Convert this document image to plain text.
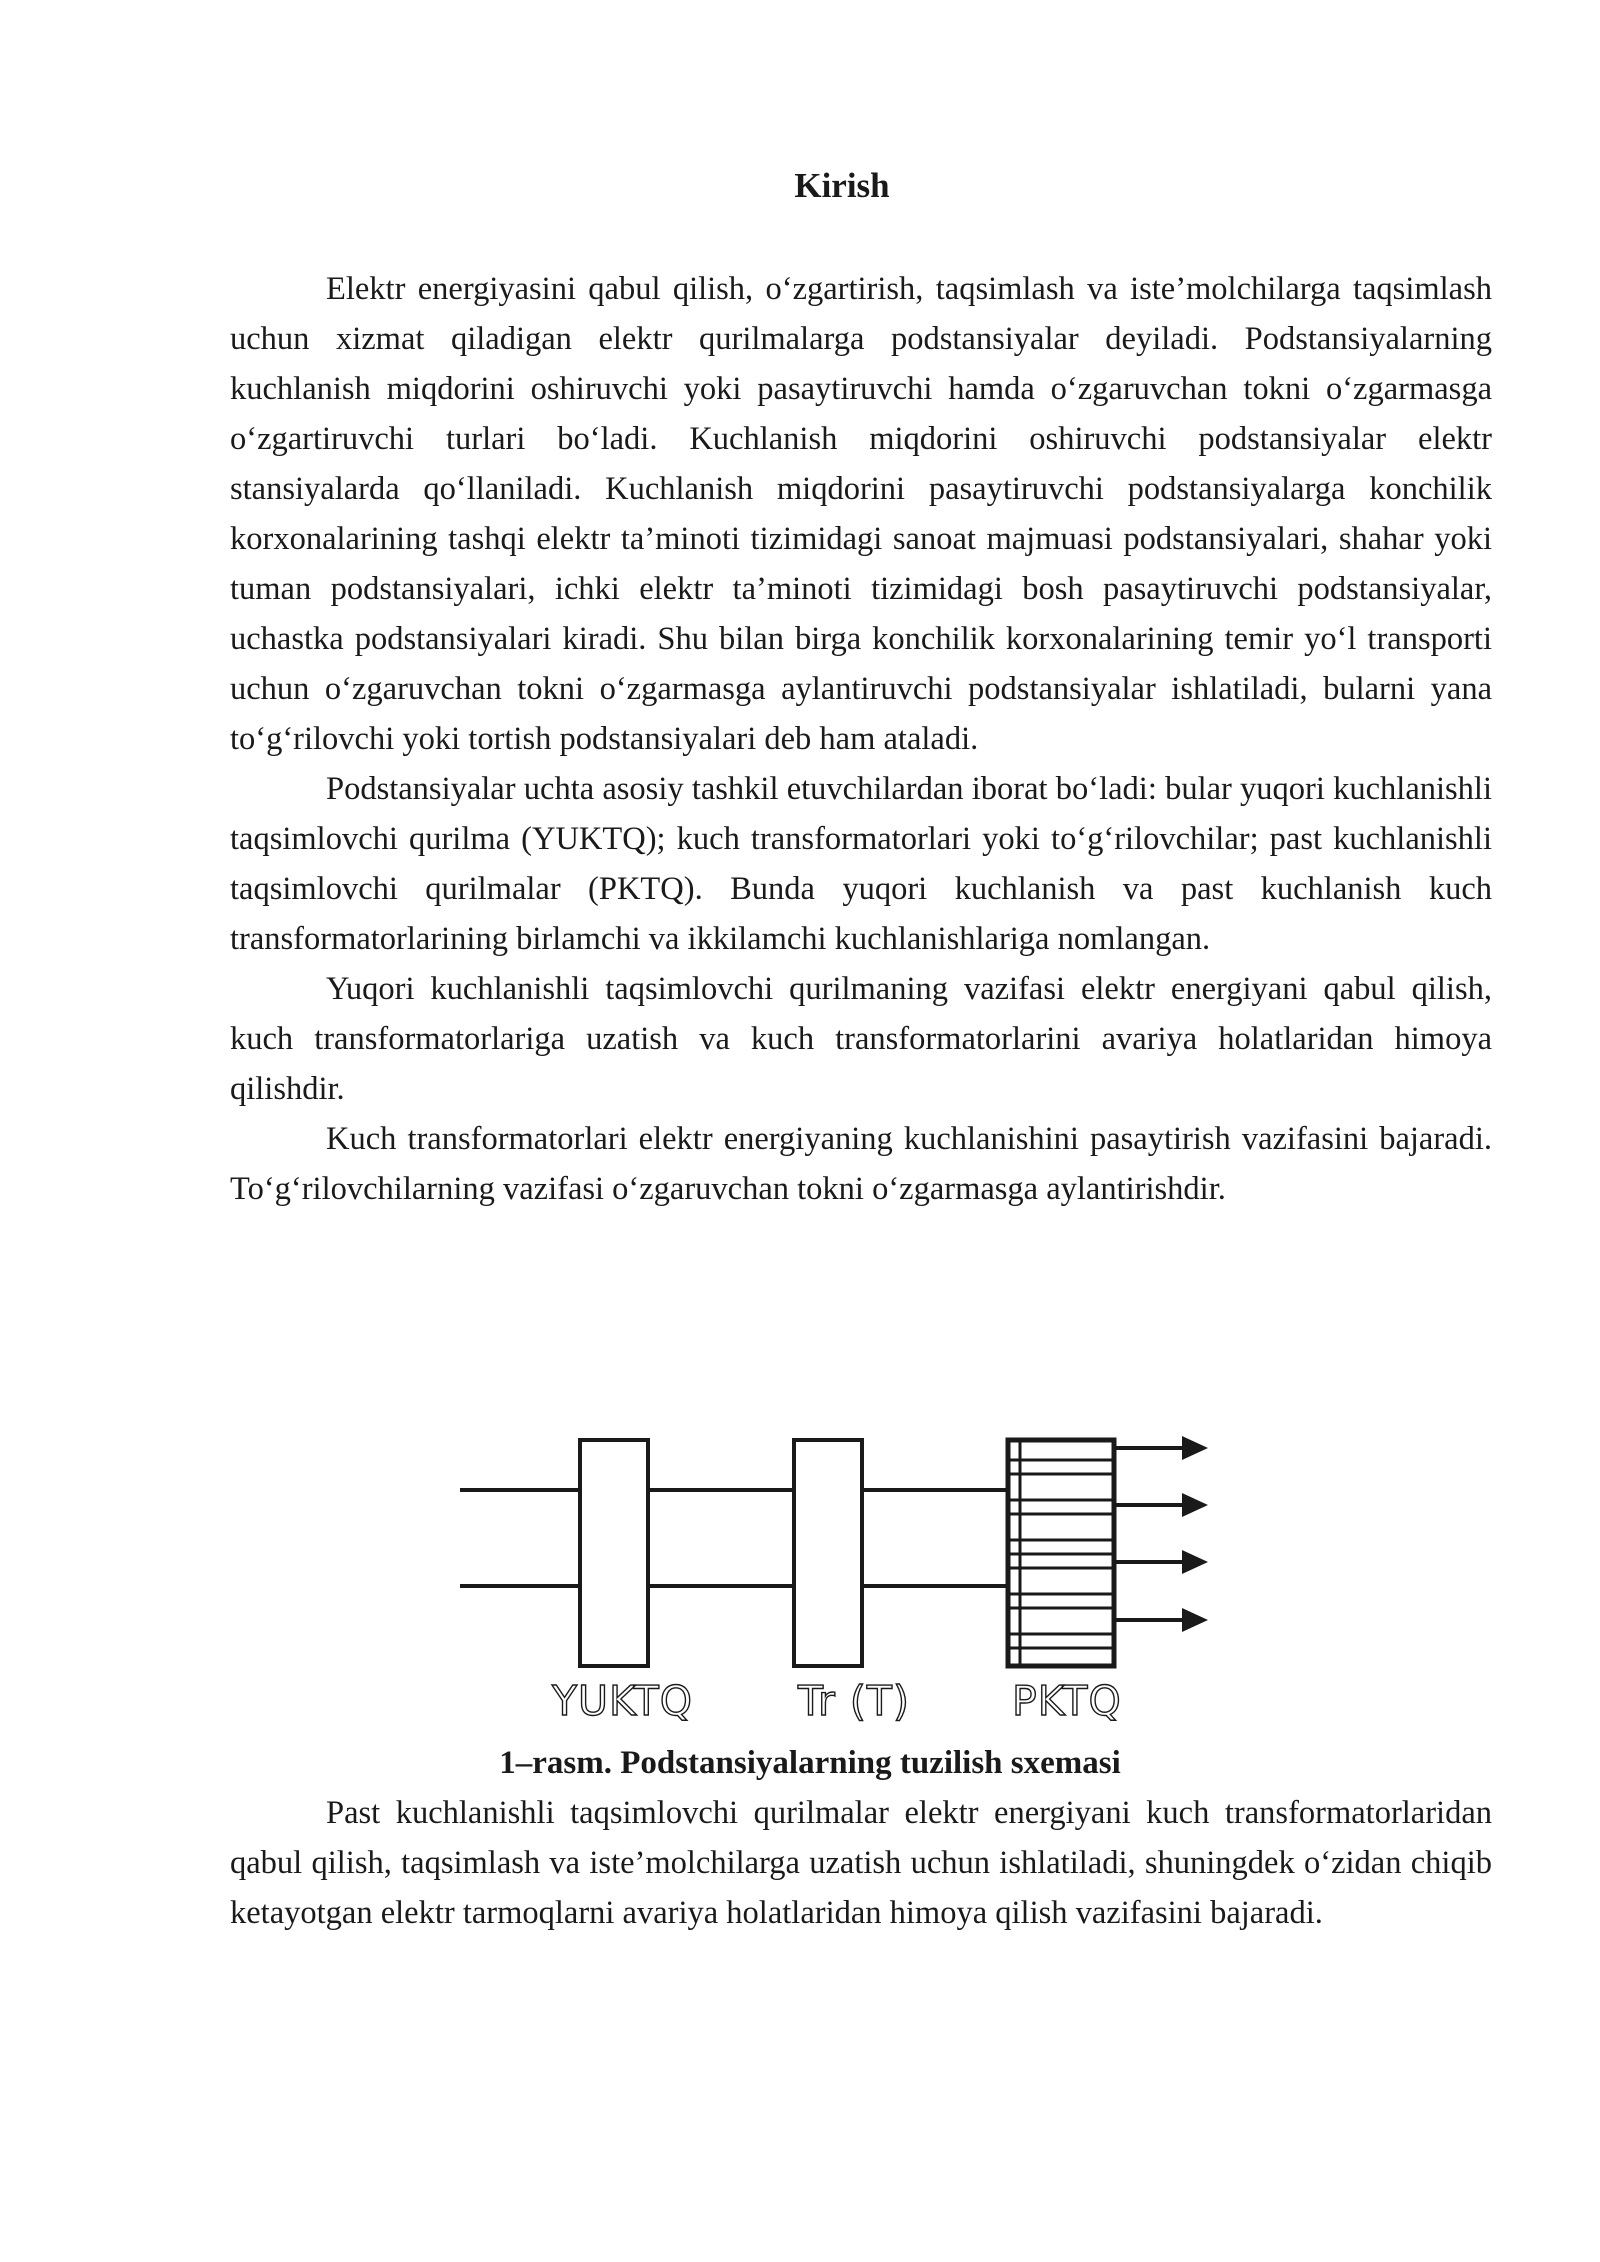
Kirish

Elektr energiyasini qabul qilish, o‘zgartirish, taqsimlash va iste’molchilarga taqsimlash uchun xizmat qiladigan elektr qurilmalarga podstansiyalar deyiladi. Podstansiyalarning kuchlanish miqdorini oshiruvchi yoki pasaytiruvchi hamda o‘zgaruvchan tokni o‘zgarmasga o‘zgartiruvchi turlari bo‘ladi. Kuchlanish miqdorini oshiruvchi podstansiyalar elektr stansiyalarda qo‘llaniladi. Kuchlanish miqdorini pasaytiruvchi podstansiyalarga konchilik korxonalarining tashqi elektr ta’minoti tizimidagi sanoat majmuasi podstansiyalari, shahar yoki tuman podstansiyalari, ichki elektr ta’minoti tizimidagi bosh pasaytiruvchi podstansiyalar, uchastka podstansiyalari kiradi. Shu bilan birga konchilik korxonalarining temir yo‘l transporti uchun o‘zgaruvchan tokni o‘zgarmasga aylantiruvchi podstansiyalar ishlatiladi, bularni yana to‘g‘rilovchi yoki tortish podstansiyalari deb ham ataladi.

Podstansiyalar uchta asosiy tashkil etuvchilardan iborat bo‘ladi: bular yuqori kuchlanishli taqsimlovchi qurilma (YUKTQ); kuch transformatorlari yoki to‘g‘rilovchilar; past kuchlanishli taqsimlovchi qurilmalar (PKTQ). Bunda yuqori kuchlanish va past kuchlanish kuch transformatorlarining birlamchi va ikkilamchi kuchlanishlariga nomlangan.

Yuqori kuchlanishli taqsimlovchi qurilmaning vazifasi elektr energiyani qabul qilish, kuch transformatorlariga uzatish va kuch transformatorlarini avariya holatlaridan himoya qilishdir.

Kuch transformatorlari elektr energiyaning kuchlanishini pasaytirish vazifasini bajaradi. To‘g‘rilovchilarning vazifasi o‘zgaruvchan tokni o‘zgarmasga aylantirishdir.

YUKTQ	Tr (T) PKTQ

1–rasm. Podstansiyalarning tuzilish sxemasi

Past kuchlanishli taqsimlovchi qurilmalar elektr energiyani kuch transformatorlaridan qabul qilish, taqsimlash va iste’molchilarga uzatish uchun ishlatiladi, shuningdek o‘zidan chiqib ketayotgan elektr tarmoqlarni avariya holatlaridan himoya qilish vazifasini bajaradi.
